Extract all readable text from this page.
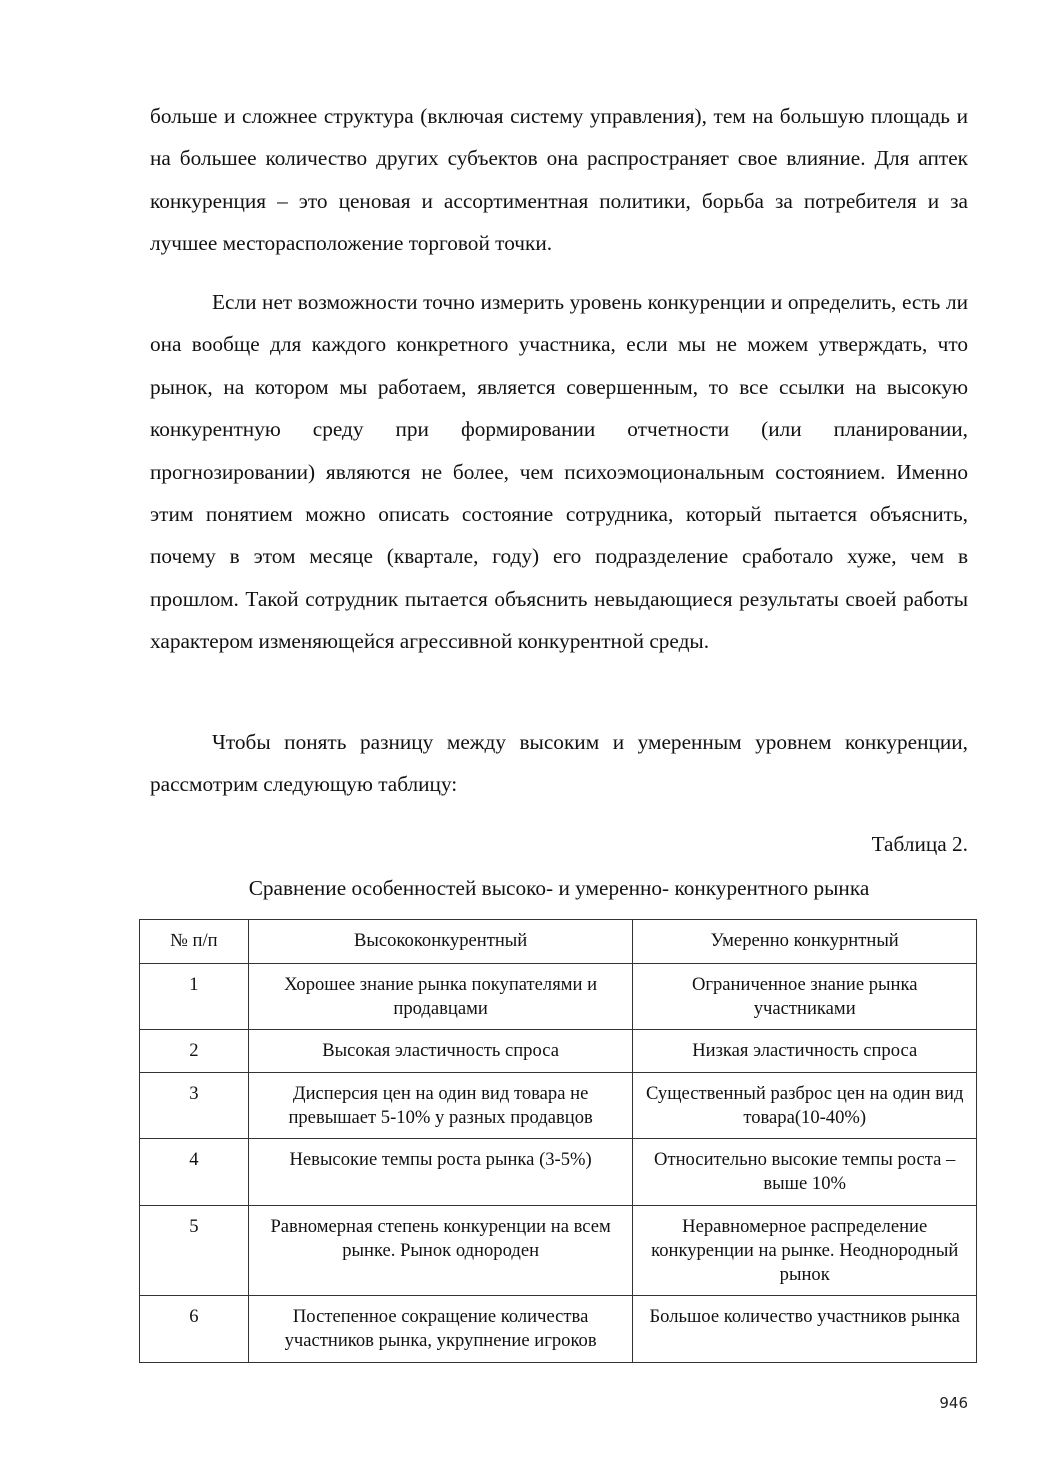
больше и сложнее структура (включая систему управления), тем на большую площадь и на большее количество других субъектов она распространяет свое влияние. Для аптек конкуренция – это ценовая и ассортиментная политики, борьба за потребителя и за лучшее месторасположение торговой точки.

Если нет возможности точно измерить уровень конкуренции и определить, есть ли она вообще для каждого конкретного участника, если мы не можем утверждать, что рынок, на котором мы работаем, является совершенным, то все ссылки на высокую конкурентную среду при формировании отчетности (или планировании, прогнозировании) являются не более, чем психоэмоциональным состоянием. Именно этим понятием можно описать состояние сотрудника, который пытается объяснить, почему в этом месяце (квартале, году) его подразделение сработало хуже, чем в прошлом. Такой сотрудник пытается объяснить невыдающиеся результаты своей работы характером изменяющейся агрессивной конкурентной среды.

Чтобы понять разницу между высоким и умеренным уровнем конкуренции, рассмотрим следующую таблицу:

Таблица 2.
Сравнение особенностей высоко- и умеренно- конкурентного рынка
№ п/п	Высококонкурентный	Умеренно конкурнтный
1	Хорошее знание рынка покупателями и продавцами	Ограниченное знание рынка участниками
2	Высокая эластичность спроса	Низкая эластичность спроса
3	Дисперсия цен на один вид товара не превышает 5-10% у разных продавцов	Существенный разброс цен на один вид товара(10-40%)
4	Невысокие темпы роста рынка (3-5%)	Относительно высокие темпы роста – выше 10%
5	Равномерная степень конкуренции на всем рынке. Рынок однороден	Неравномерное распределение конкуренции на рынке. Неоднородный рынок
6	Постепенное сокращение количества участников рынка, укрупнение игроков	Большое количество участников рынка
946
